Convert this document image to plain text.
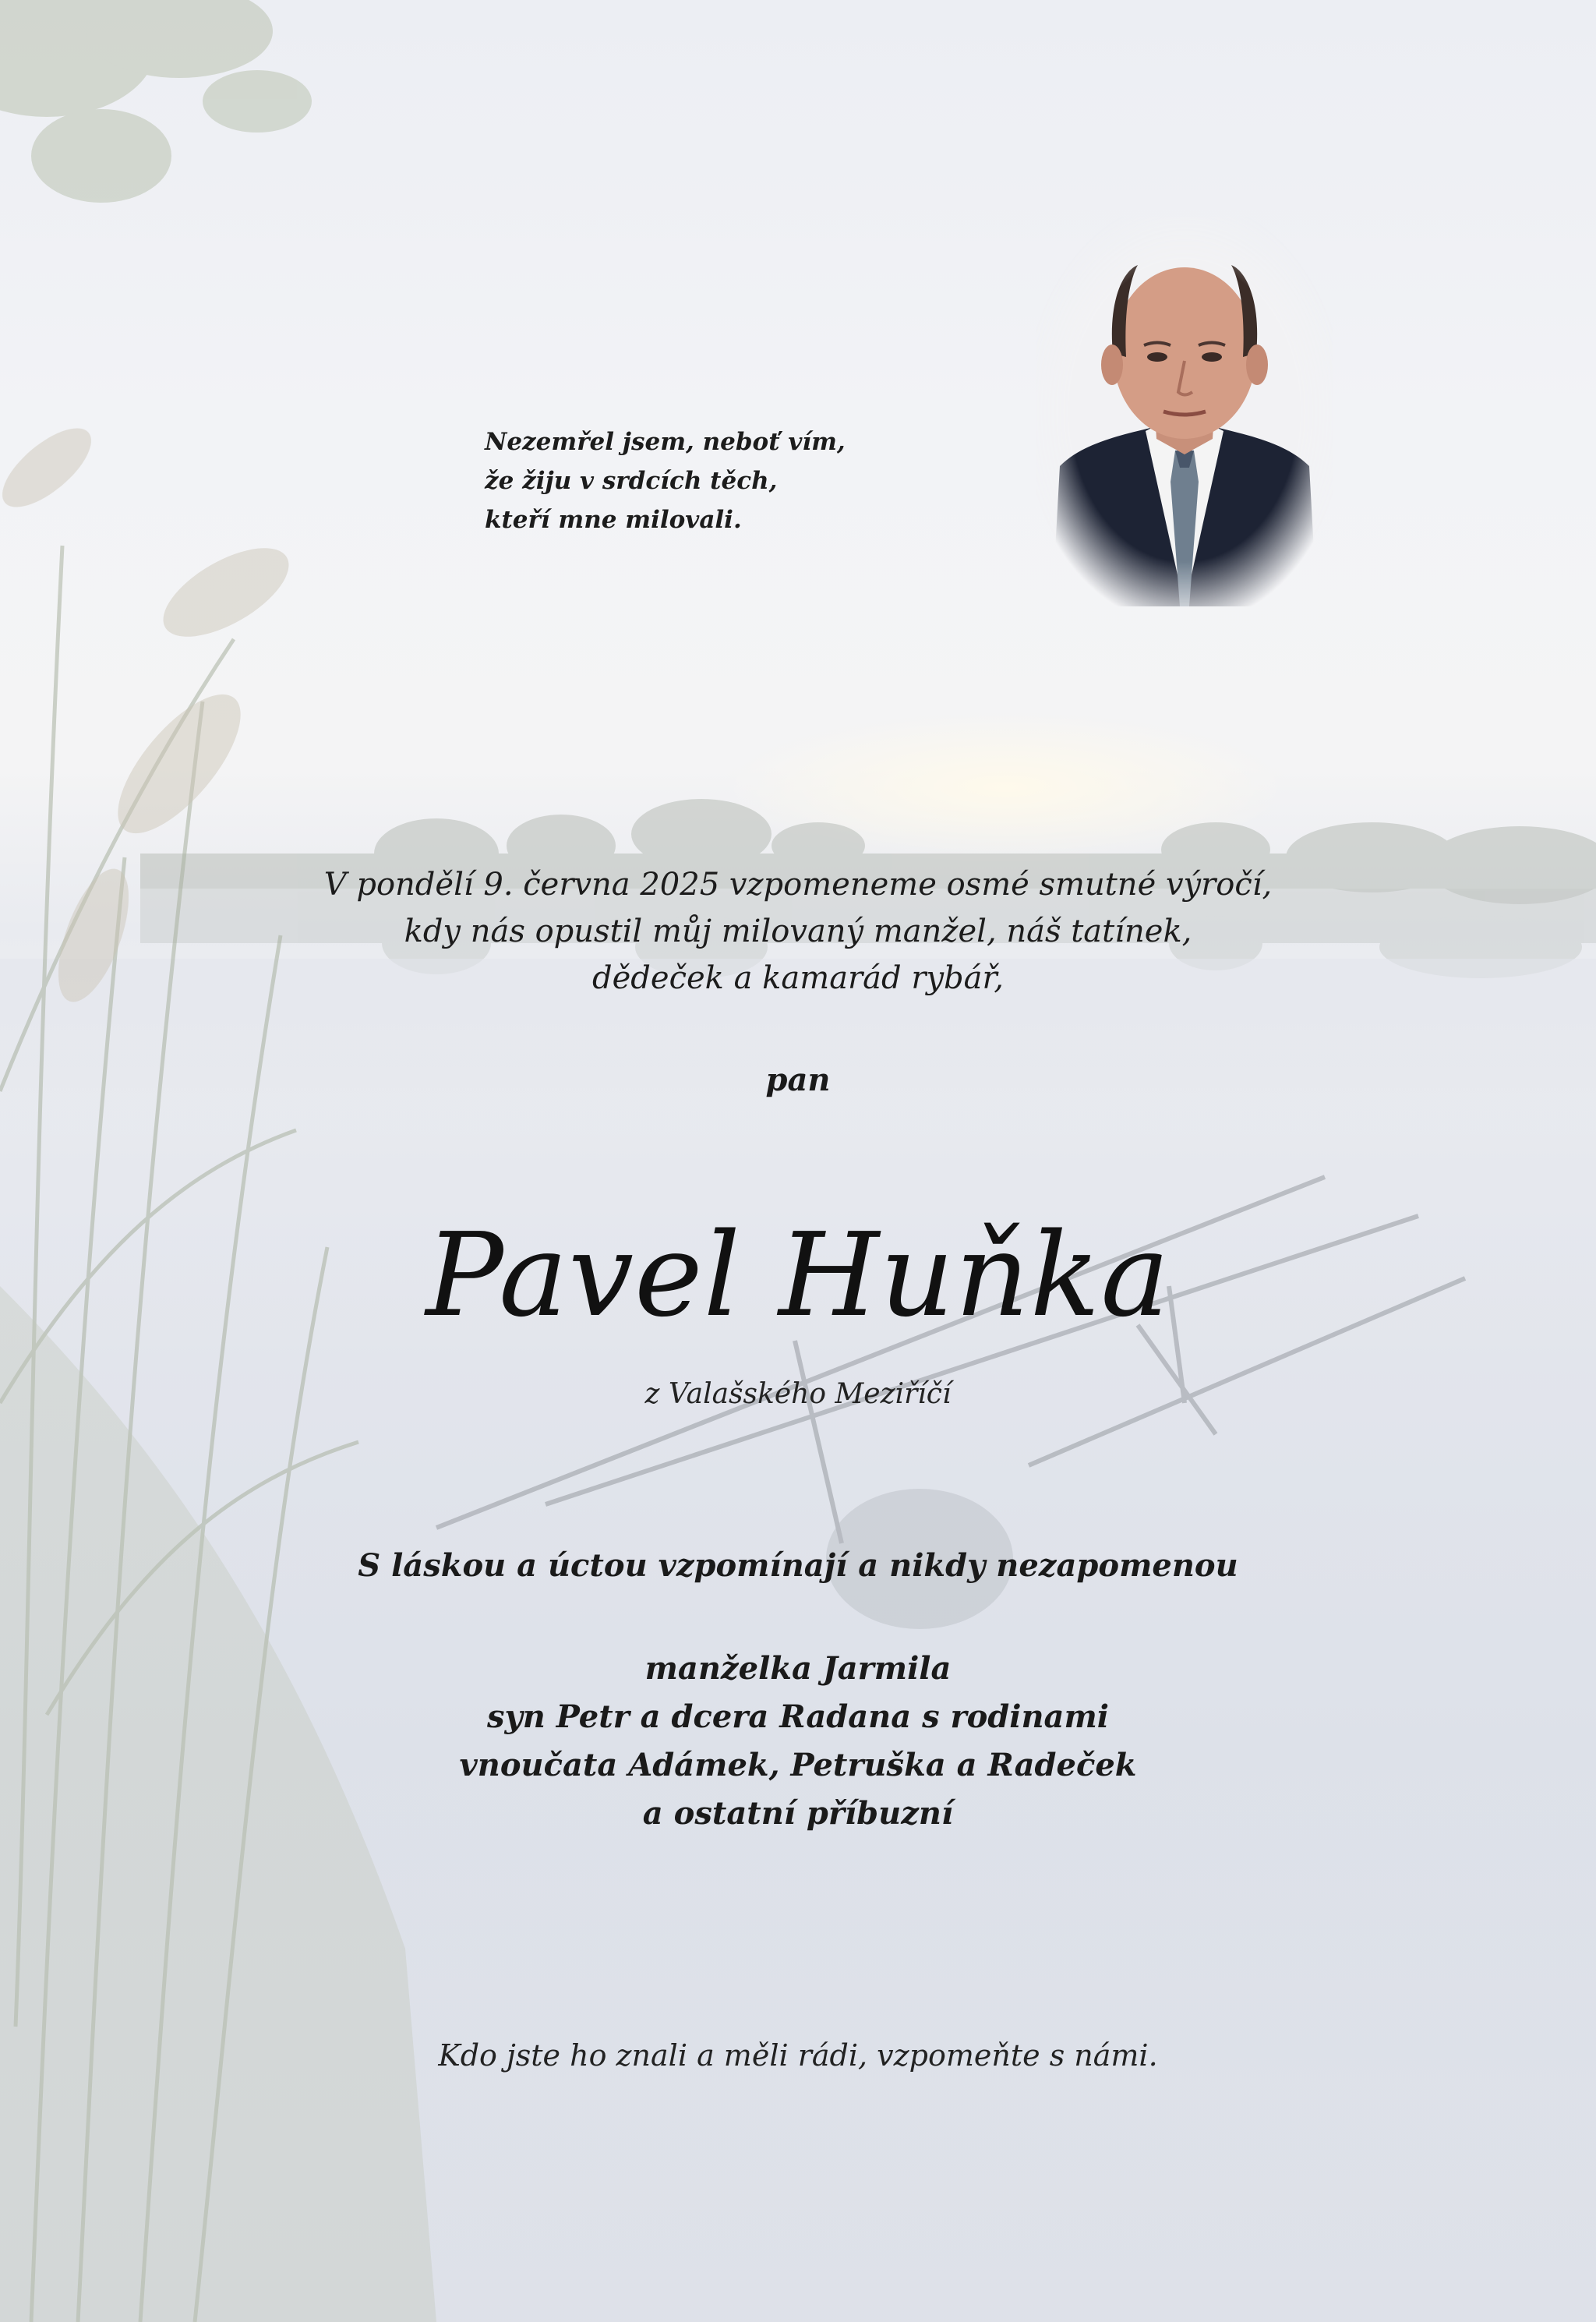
Nezemřel jsem, neboť vím,
že žiju v srdcích těch,
kteří mne milovali.
V pondělí 9. června 2025 vzpomeneme osmé smutné výročí,
kdy nás opustil můj milovaný manžel, náš tatínek,
dědeček a kamarád rybář,
pan
Pavel Huňka
z Valašského Meziříčí
S láskou a úctou vzpomínají a nikdy nezapomenou
manželka Jarmila
syn Petr a dcera Radana s rodinami
vnoučata Adámek, Petruška a Radeček
a ostatní příbuzní
Kdo jste ho znali a měli rádi, vzpomeňte s námi.
